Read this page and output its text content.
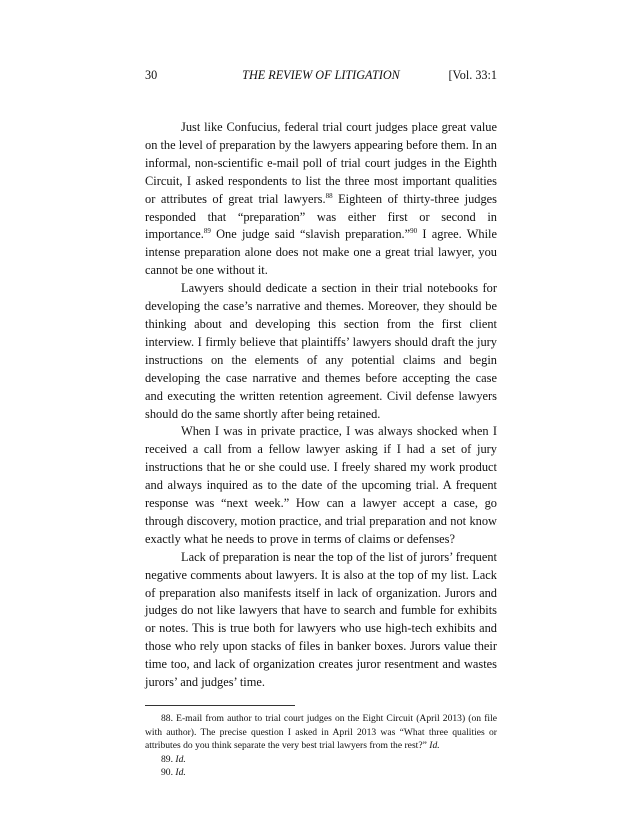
30	THE REVIEW OF LITIGATION	[Vol. 33:1

Just like Confucius, federal trial court judges place great value on the level of preparation by the lawyers appearing before them. In an informal, non-scientific e-mail poll of trial court judges in the Eighth Circuit, I asked respondents to list the three most important qualities or attributes of great trial lawyers.$^{88}$ Eighteen of thirty-three judges responded that “preparation” was either first or second in importance.$^{89}$ One judge said “slavish preparation.”$^{90}$ I agree. While intense preparation alone does not make one a great trial lawyer, you cannot be one without it.

Lawyers should dedicate a section in their trial notebooks for developing the case’s narrative and themes. Moreover, they should be thinking about and developing this section from the first client interview. I firmly believe that plaintiffs’ lawyers should draft the jury instructions on the elements of any potential claims and begin developing the case narrative and themes before accepting the case and executing the written retention agreement. Civil defense lawyers should do the same shortly after being retained.

When I was in private practice, I was always shocked when I received a call from a fellow lawyer asking if I had a set of jury instructions that he or she could use. I freely shared my work product and always inquired as to the date of the upcoming trial. A frequent response was “next week.” How can a lawyer accept a case, go through discovery, motion practice, and trial preparation and not know exactly what he needs to prove in terms of claims or defenses?

Lack of preparation is near the top of the list of jurors’ frequent negative comments about lawyers. It is also at the top of my list. Lack of preparation also manifests itself in lack of organization. Jurors and judges do not like lawyers that have to search and fumble for exhibits or notes. This is true both for lawyers who use high-tech exhibits and those who rely upon stacks of files in banker boxes. Jurors value their time too, and lack of organization creates juror resentment and wastes jurors’ and judges’ time.

88. E-mail from author to trial court judges on the Eight Circuit (April 2013) (on file with author). The precise question I asked in April 2013 was “What three qualities or attributes do you think separate the very best trial lawyers from the rest?” Id.

89. Id.

90. Id.
